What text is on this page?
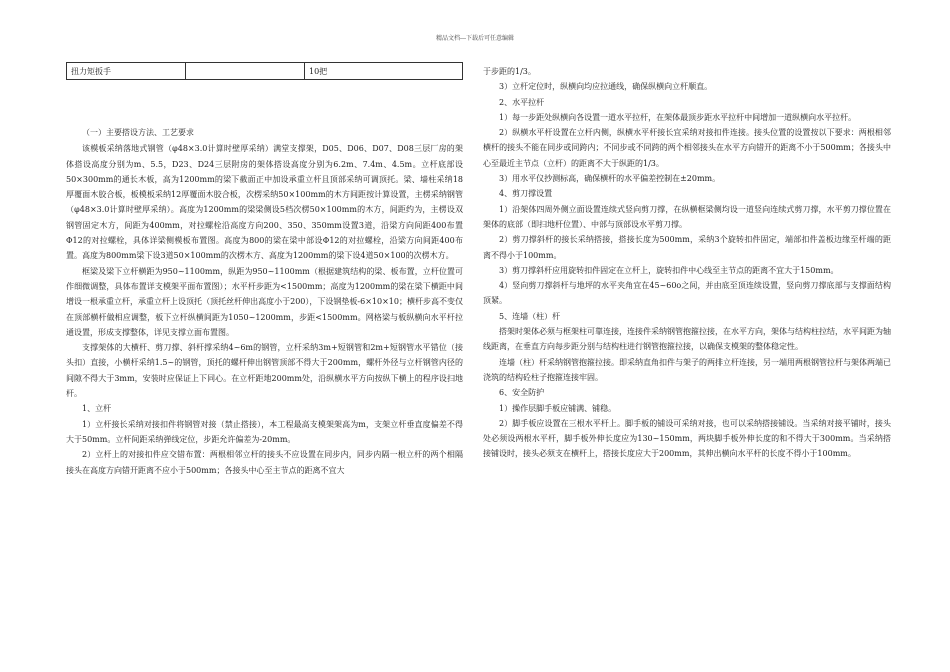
精品文档---下载后可任意编辑
扭力矩扳手		10把

（一）主要搭设方法、工艺要求

该模板采纳落地式钢管（φ48×3.0计算时壁厚采纳）满堂支撑架，D05、D06、D07、D08三层厂房的架体搭设高度分别为m、5.5，D23、D24三层附房的架体搭设高度分别为6.2m、7.4m、4.5m。立杆底部设50×300mm的通长木板，高为1200mm的梁下截面正中加设承重立杆且顶部采纳可调顶托。梁、墙柱采纳18厚覆面木胶合板，板模板采纳12厚覆面木胶合板，次楞采纳50×100mm的木方间距按计算设置，主楞采纳钢管（φ48×3.0计算时壁厚采纳）。高度为1200mm的梁梁侧设5档次楞50×100mm的木方，间距约为，主楞设双钢管固定木方，间距为400mm，对拉螺栓沿高度方向200、350、350mm设置3道，沿梁方向间距400布置Φ12的对拉螺栓，具体详梁侧模板布置图。高度为800的梁在梁中部设Φ12的对拉螺栓，沿梁方向间距400布置。高度为800mm梁下设3道50×100mm的次楞木方、高度为1200mm的梁下设4道50×100的次楞木方。

框梁及梁下立杆横距为950~1100mm，纵距为950~1100mm（根据建筑结构的梁、板布置，立杆位置可作细微调整，具体布置详支模架平面布置图）；水平杆步距为<1500mm；高度为1200mm的梁在梁下横距中间增设一根承重立杆，承重立杆上设顶托（顶托丝杆伸出高度小于200），下设钢垫板-6×10×10；横杆步高不变仅在顶部横杆做相应调整，板下立杆纵横间距为1050~1200mm，步距<1500mm。网格梁与板纵横向水平杆拉通设置，形成支撑整体，详见支撑立面布置图。

支撑架体的大横杆、剪刀撑、斜杆撑采纳4~6m的钢管，立杆采纳3m+短钢管和2m+短钢管水平错位（接头扣）直接，小横杆采纳1.5~的钢管，顶托的螺杆伸出钢管顶部不得大于200mm，螺杆外径与立杆钢管内径的间隙不得大于3mm，安装时应保证上下同心。在立杆距地200mm处，沿纵横水平方向按纵下横上的程序设扫地杆。

1、立杆

1）立杆接长采纳对接扣件将钢管对接（禁止搭接），本工程最高支模架架高为m，支架立杆垂直度偏差不得大于50mm。立杆间距采纳弹线定位，步距允许偏差为-20mm。

2）立杆上的对接扣件应交错布置：两根相邻立杆的接头不应设置在同步内，同步内隔一根立杆的两个相隔接头在高度方向错开距离不应小于500mm；各接头中心至主节点的距离不宜大

于步距的1/3。

3）立杆定位时，纵横向均应拉通线，确保纵横向立杆顺直。

2、水平拉杆

1）每一步距处纵横向各设置一道水平拉杆，在架体最顶步距水平拉杆中间增加一道纵横向水平拉杆。

2）纵横水平杆设置在立杆内侧，纵横水平杆接长宜采纳对接扣件连接。接头位置的设置按以下要求：两根相邻横杆的接头不能在同步或同跨内；不同步或不同跨的两个相邻接头在水平方向错开的距离不小于500mm；各接头中心至最近主节点（立杆）的距离不大于纵距的1/3。

3）用水平仪抄测标高，确保横杆的水平偏差控制在±20mm。

4、剪刀撑设置

1）沿架体四周外侧立面设置连续式竖向剪刀撑，在纵横框梁侧均设一道竖向连续式剪刀撑，水平剪刀撑位置在架体的底部（即扫地杆位置）、中部与顶部设水平剪刀撑。

2）剪刀撑斜杆的接长采纳搭接，搭接长度为500mm，采纳3个旋转扣件固定，端部扣件盖板边缘至杆端的距离不得小于100mm。

3）剪刀撑斜杆应用旋转扣件固定在立杆上，旋转扣件中心线至主节点的距离不宜大于150mm。

4）竖向剪刀撑斜杆与地坪的水平夹角宜在45~60o之间，并由底至顶连续设置，竖向剪刀撑底部与支撑面结构顶紧。

5、连墙（柱）杆

搭架时架体必须与框架柱可靠连接，连接件采纳钢管抱箍拉接，在水平方向，架体与结构柱拉结，水平间距为轴线距离，在垂直方向每步距分别与结构柱进行钢管抱箍拉接，以确保支模架的整体稳定性。

连墙（柱）杆采纳钢管抱箍拉接。即采纳直角扣件与架子的两排立杆连接，另一端用两根钢管拉杆与架体两端已浇筑的结构砼柱子抱箍连接牢固。

6、安全防护

1）操作层脚手板应铺满、铺稳。

2）脚手板应设置在三根水平杆上。脚手板的铺设可采纳对接，也可以采纳搭接铺设。当采纳对接平铺时，接头处必须设两根水平杆，脚手板外伸长度应为130~150mm，两块脚手板外伸长度的和不得大于300mm。当采纳搭接铺设时，接头必须支在横杆上，搭接长度应大于200mm，其伸出横向水平杆的长度不得小于100mm。
